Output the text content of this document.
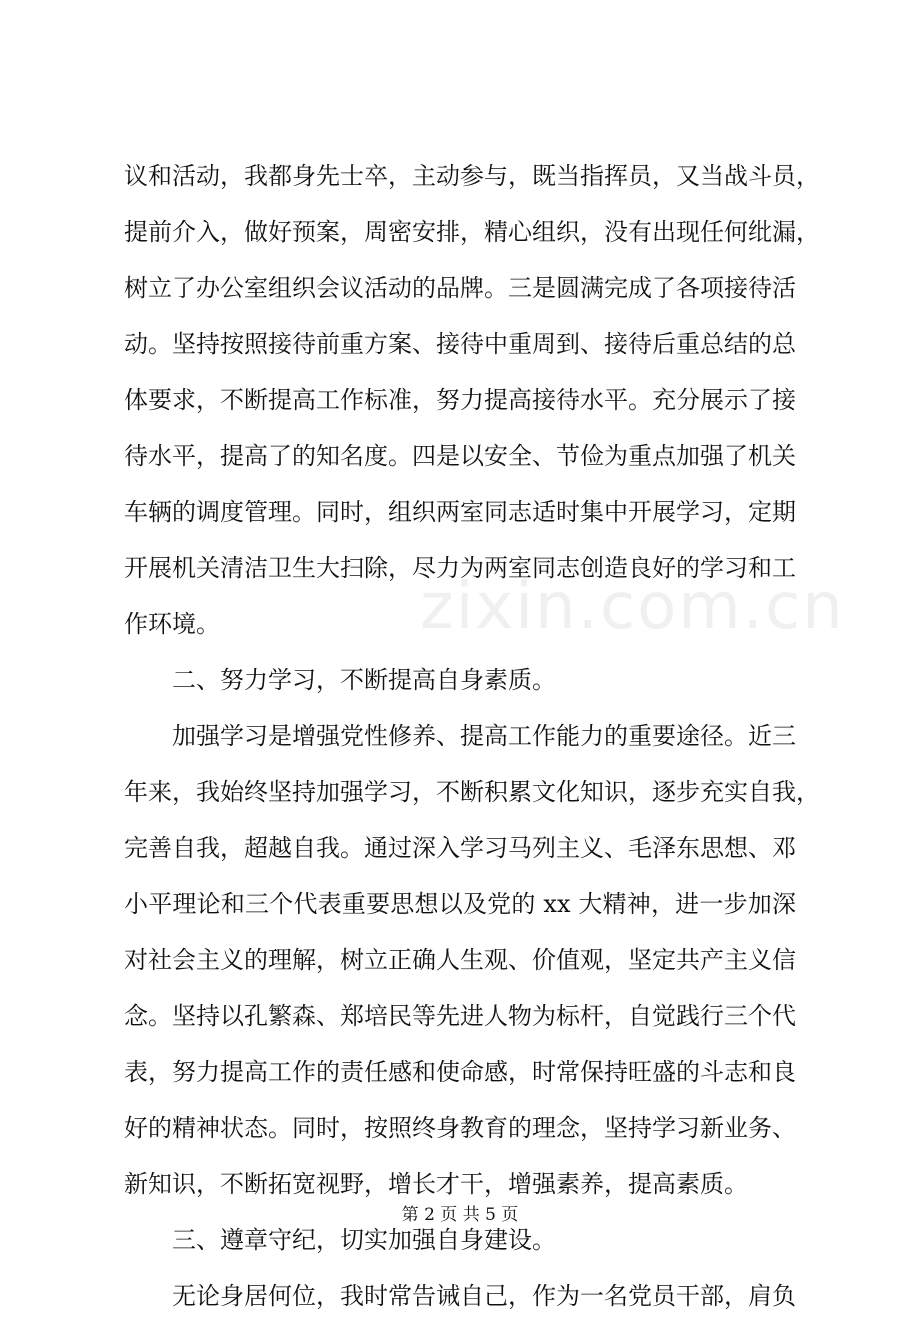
议和活动，我都身先士卒，主动参与，既当指挥员，又当战斗员，
提前介入，做好预案，周密安排，精心组织，没有出现任何纰漏，
树立了办公室组织会议活动的品牌。三是圆满完成了各项接待活
动。坚持按照接待前重方案、接待中重周到、接待后重总结的总
体要求，不断提高工作标准，努力提高接待水平。充分展示了接
待水平，提高了的知名度。四是以安全、节俭为重点加强了机关
车辆的调度管理。同时，组织两室同志适时集中开展学习，定期
开展机关清洁卫生大扫除，尽力为两室同志创造良好的学习和工
作环境。
二、努力学习，不断提高自身素质。
加强学习是增强党性修养、提高工作能力的重要途径。近三
年来，我始终坚持加强学习，不断积累文化知识，逐步充实自我，
完善自我，超越自我。通过深入学习马列主义、毛泽东思想、邓
小平理论和三个代表重要思想以及党的 xx 大精神，进一步加深
对社会主义的理解，树立正确人生观、价值观，坚定共产主义信
念。坚持以孔繁森、郑培民等先进人物为标杆，自觉践行三个代
表，努力提高工作的责任感和使命感，时常保持旺盛的斗志和良
好的精神状态。同时，按照终身教育的理念，坚持学习新业务、
新知识，不断拓宽视野，增长才干，增强素养，提高素质。
三、遵章守纪，切实加强自身建设。
无论身居何位，我时常告诫自己，作为一名党员干部，肩负
zixin.com.cn
第 2 页 共 5 页
